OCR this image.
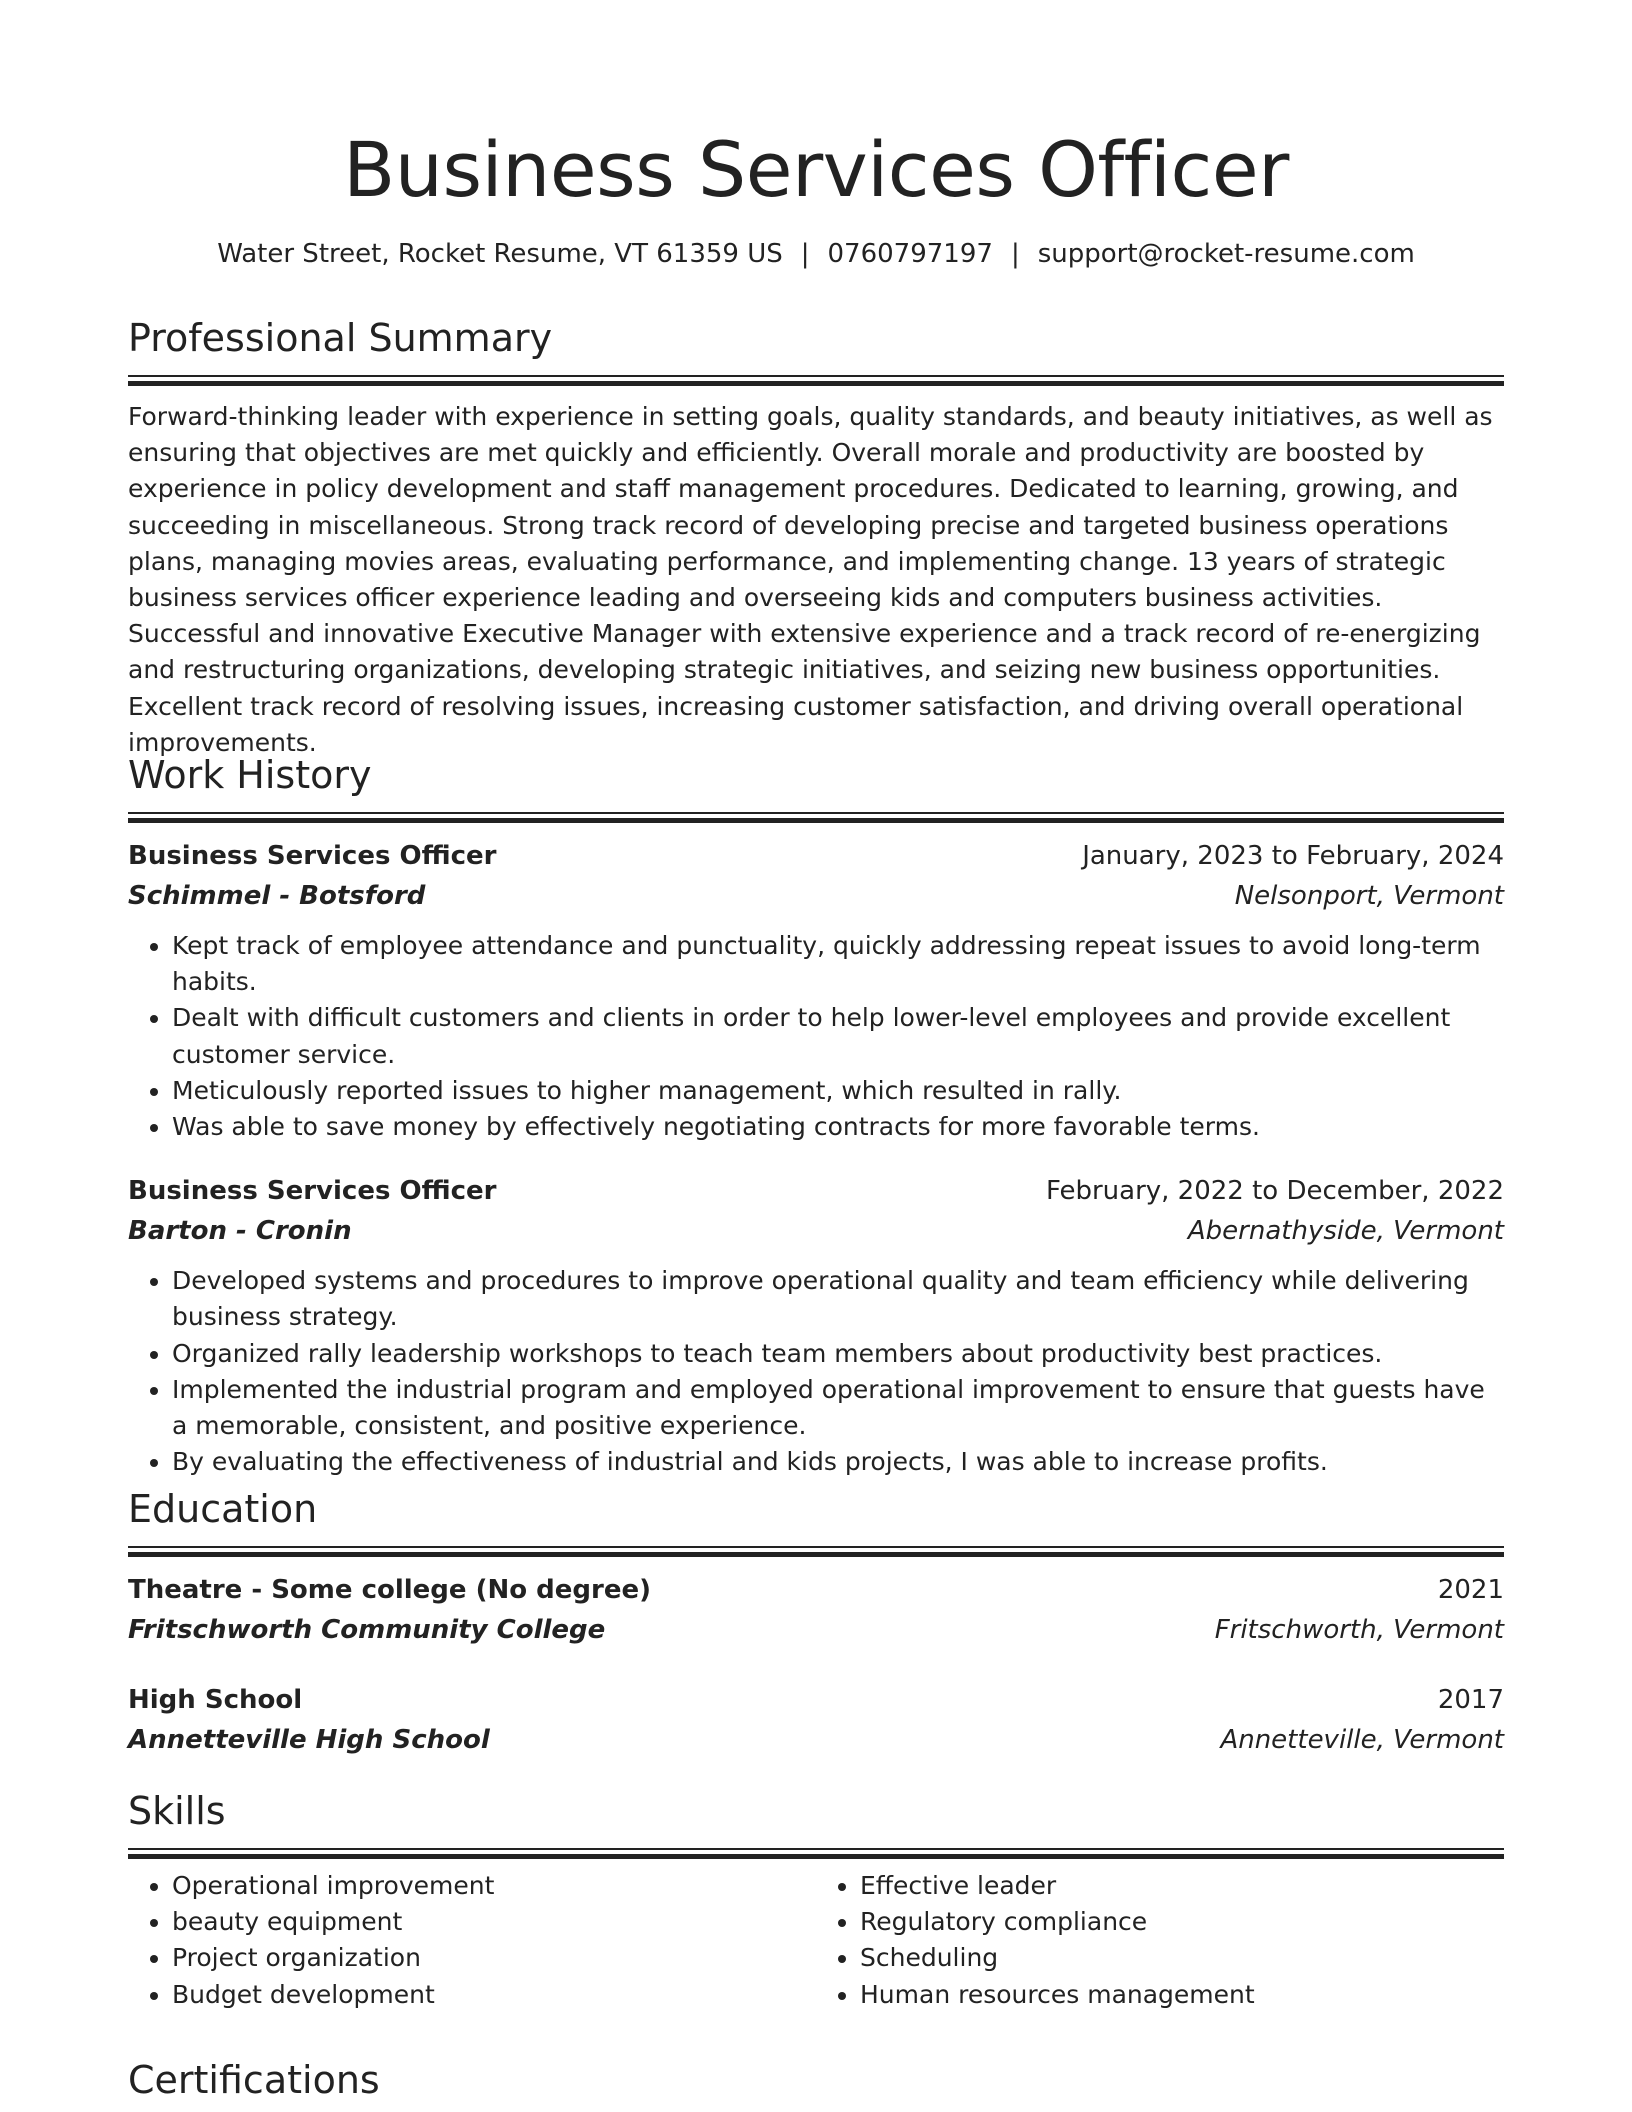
Business Services Officer
Water Street, Rocket Resume, VT 61359 US | 0760797197 | support@rocket-resume.com
Professional Summary

Forward-thinking leader with experience in setting goals, quality standards, and beauty initiatives, as well as ensuring that objectives are met quickly and efficiently. Overall morale and productivity are boosted by experience in policy development and staff management procedures. Dedicated to learning, growing, and succeeding in miscellaneous. Strong track record of developing precise and targeted business operations plans, managing movies areas, evaluating performance, and implementing change. 13 years of strategic business services officer experience leading and overseeing kids and computers business activities. Successful and innovative Executive Manager with extensive experience and a track record of re-energizing and restructuring organizations, developing strategic initiatives, and seizing new business opportunities. Excellent track record of resolving issues, increasing customer satisfaction, and driving overall operational improvements.

Work History
Business Services Officer	January, 2023 to February, 2024
Schimmel - Botsford	Nelsonport, Vermont
• Kept track of employee attendance and punctuality, quickly addressing repeat issues to avoid long-term habits.
• Dealt with difficult customers and clients in order to help lower-level employees and provide excellent customer service.
• Meticulously reported issues to higher management, which resulted in rally.
• Was able to save money by effectively negotiating contracts for more favorable terms.
Business Services Officer	February, 2022 to December, 2022
Barton - Cronin	Abernathyside, Vermont
• Developed systems and procedures to improve operational quality and team efficiency while delivering business strategy.
• Organized rally leadership workshops to teach team members about productivity best practices.
• Implemented the industrial program and employed operational improvement to ensure that guests have a memorable, consistent, and positive experience.
• By evaluating the effectiveness of industrial and kids projects, I was able to increase profits.
Education
Theatre - Some college (No degree)	2021
Fritschworth Community College	Fritschworth, Vermont
High School	2017
Annetteville High School	Annetteville, Vermont
Skills
• Operational improvement
• beauty equipment
• Project organization
• Budget development
• Effective leader
• Regulatory compliance
• Scheduling
• Human resources management
Certifications
